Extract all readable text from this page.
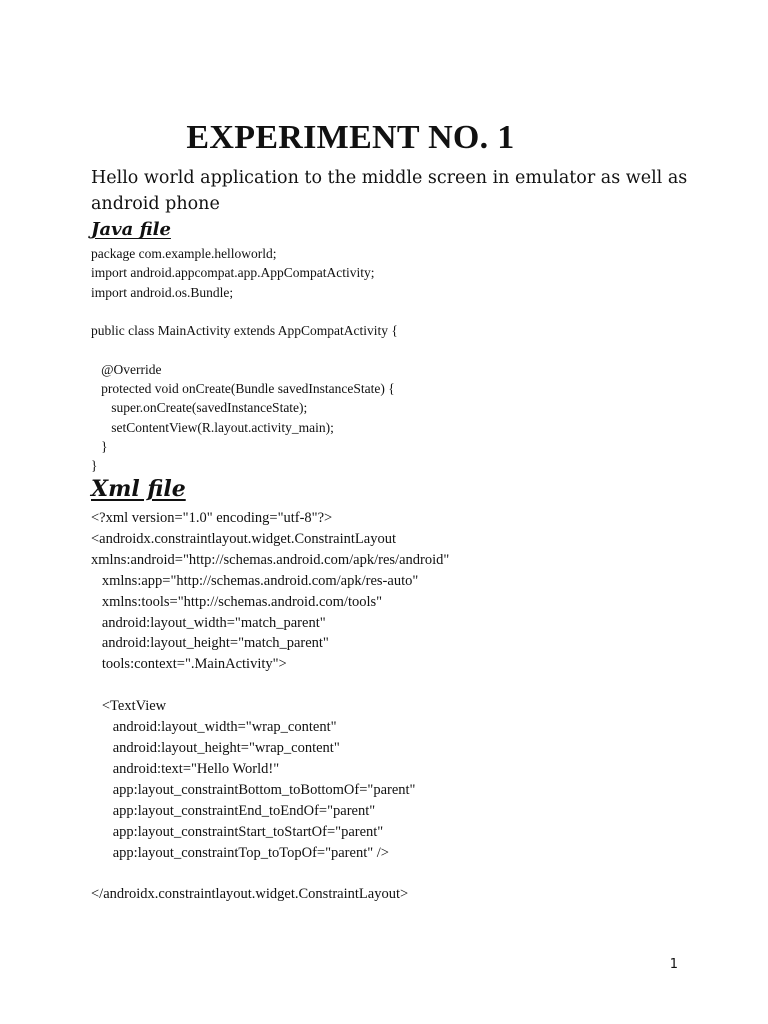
EXPERIMENT NO. 1

Hello world application to the middle screen in emulator as well as android phone

Java file
package com.example.helloworld;
import android.appcompat.app.AppCompatActivity;
import android.os.Bundle;

public class MainActivity extends AppCompatActivity {

@Override
protected void onCreate(Bundle savedInstanceState) {
super.onCreate(savedInstanceState);
setContentView(R.layout.activity_main);
}
}
Xml file
<?xml version="1.0" encoding="utf-8"?>
<androidx.constraintlayout.widget.ConstraintLayout
xmlns:android="http://schemas.android.com/apk/res/android"
xmlns:app="http://schemas.android.com/apk/res-auto"
xmlns:tools="http://schemas.android.com/tools"
android:layout_width="match_parent"
android:layout_height="match_parent"
tools:context=".MainActivity">

<TextView
android:layout_width="wrap_content"
android:layout_height="wrap_content"
android:text="Hello World!"
app:layout_constraintBottom_toBottomOf="parent"
app:layout_constraintEnd_toEndOf="parent"
app:layout_constraintStart_toStartOf="parent"
app:layout_constraintTop_toTopOf="parent" />

</androidx.constraintlayout.widget.ConstraintLayout>
1
